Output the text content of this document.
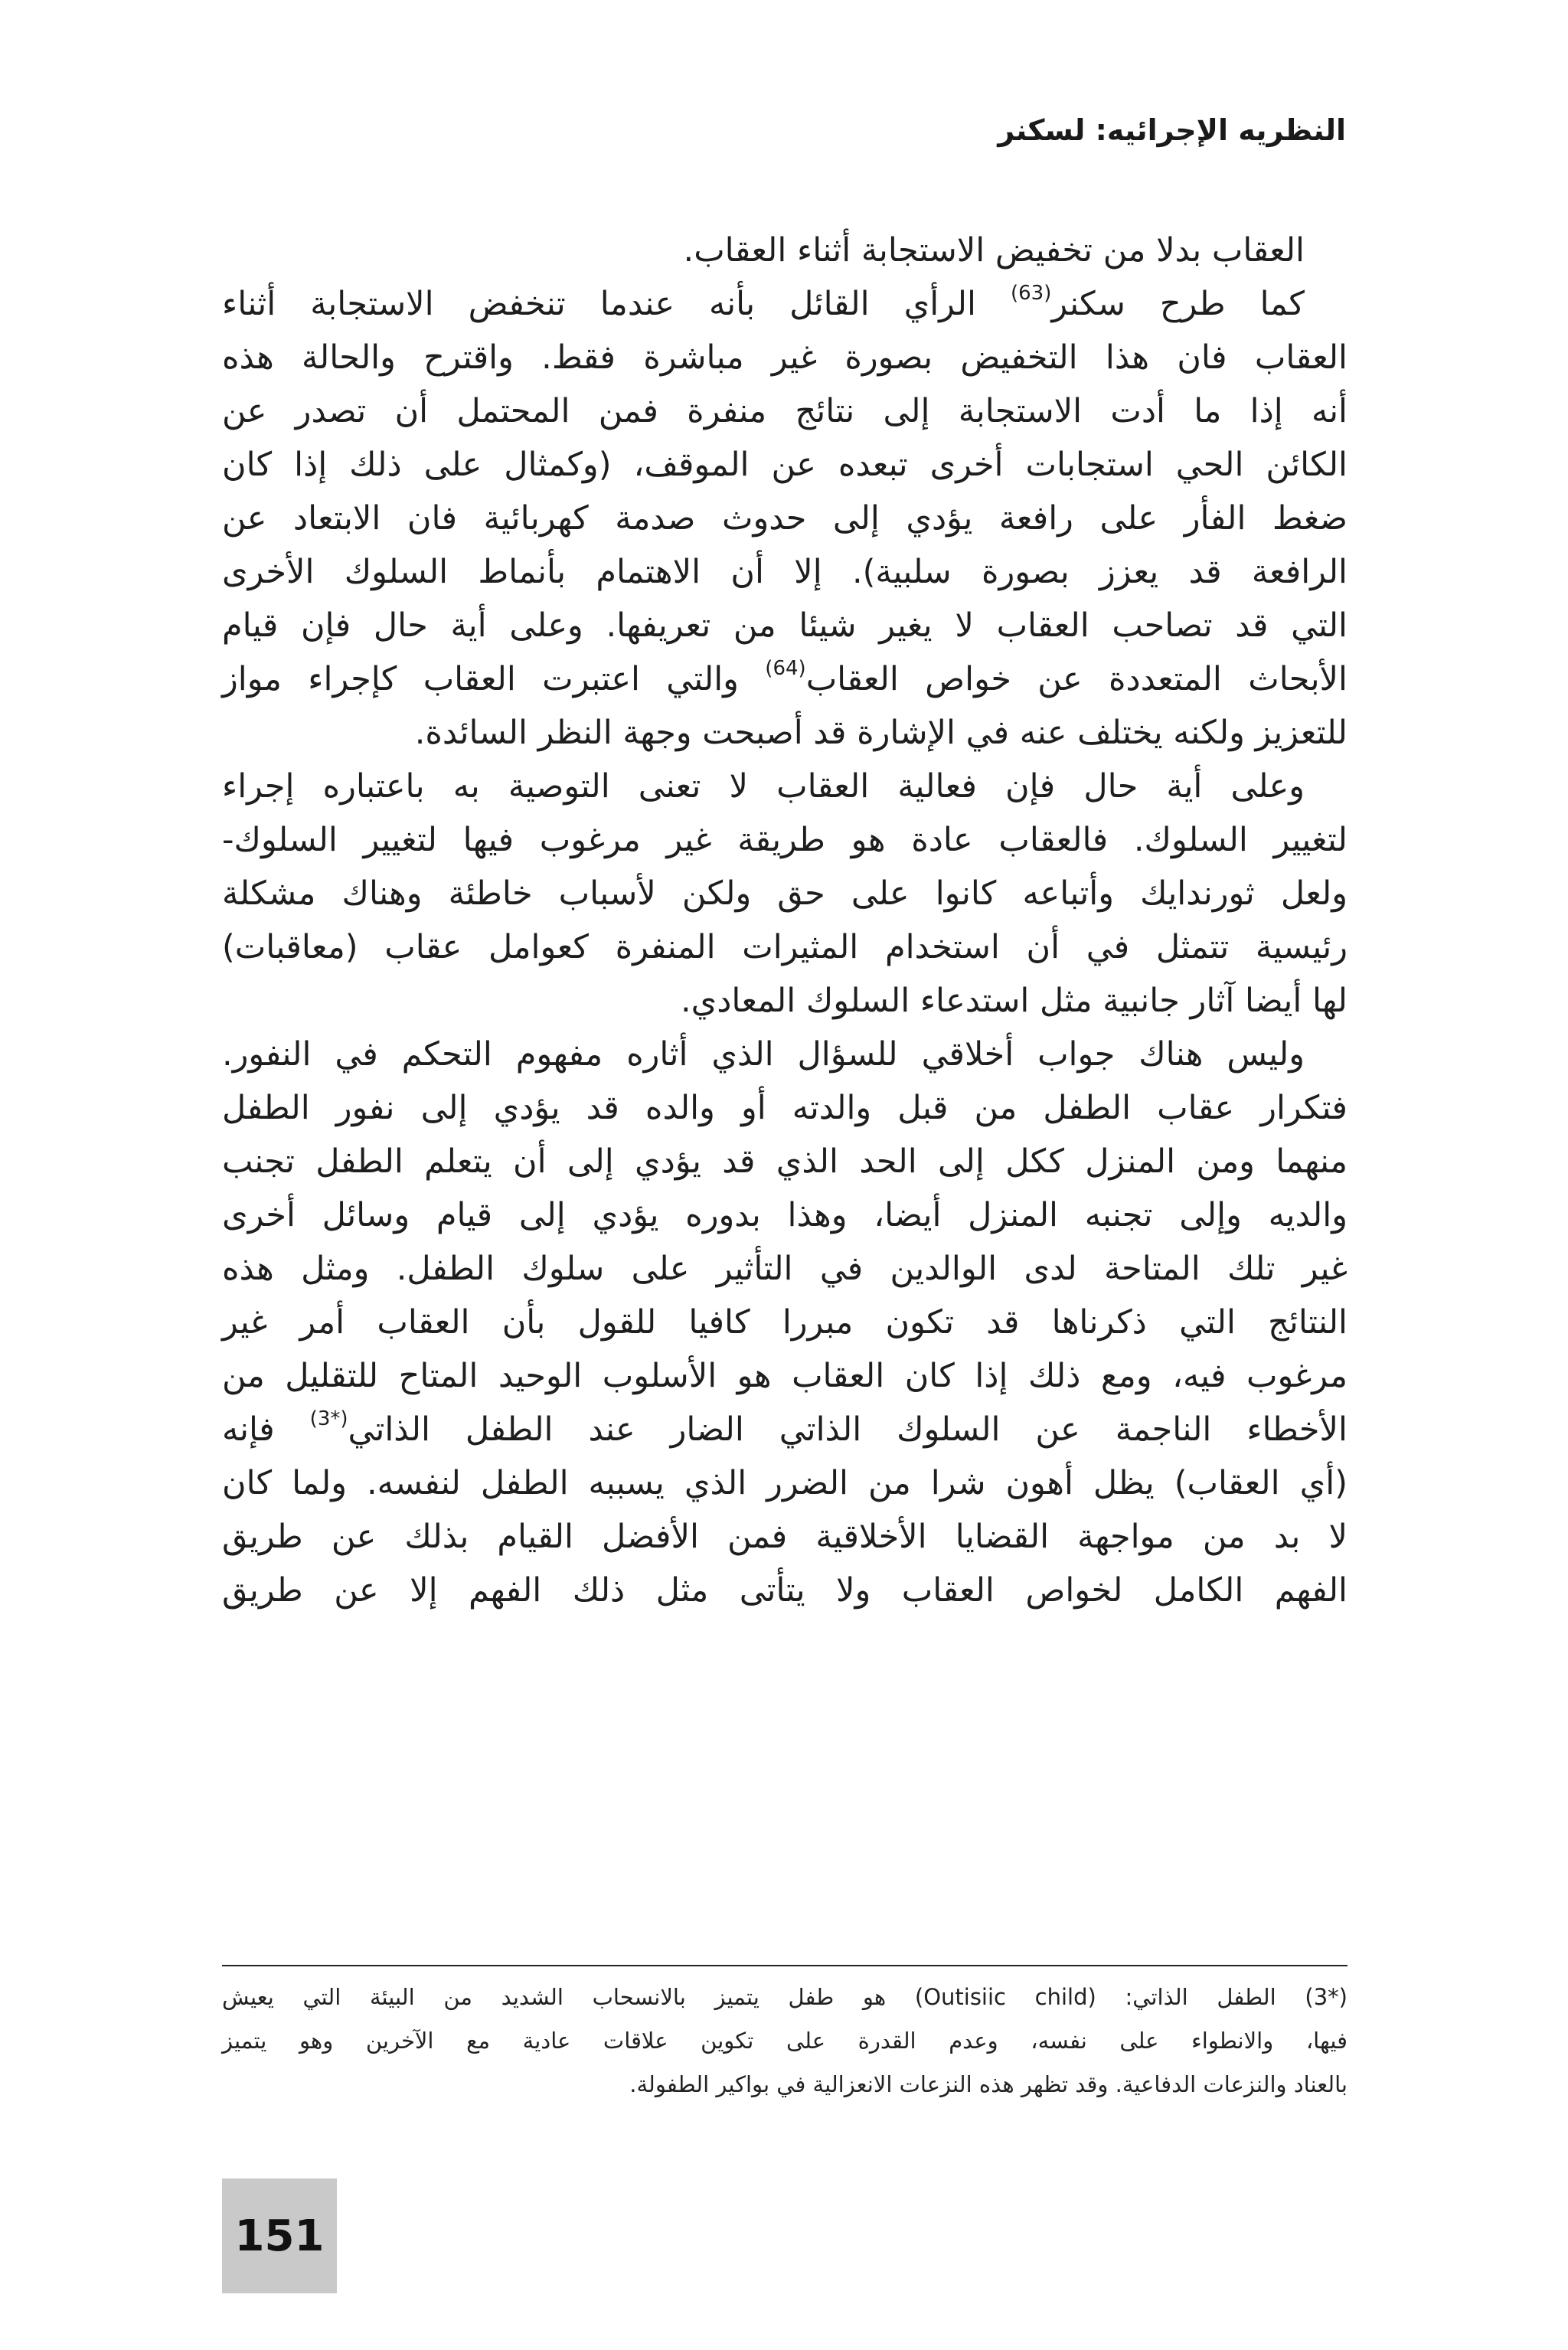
النظريه الإجرائيه: لسكنر
العقاب بدلا من تخفيض الاستجابة أثناء العقاب.
كما طرح سكنر$^{(63)}$ الرأي القائل بأنه عندما تنخفض الاستجابة أثناء
العقاب فان هذا التخفيض بصورة غير مباشرة فقط. واقترح والحالة هذه
أنه إذا ما أدت الاستجابة إلى نتائج منفرة فمن المحتمل أن تصدر عن
الكائن الحي استجابات أخرى تبعده عن الموقف، (وكمثال على ذلك إذا كان
ضغط الفأر على رافعة يؤدي إلى حدوث صدمة كهربائية فان الابتعاد عن
الرافعة قد يعزز بصورة سلبية). إلا أن الاهتمام بأنماط السلوك الأخرى
التي قد تصاحب العقاب لا يغير شيئا من تعريفها. وعلى أية حال فإن قيام
الأبحاث المتعددة عن خواص العقاب$^{(64)}$ والتي اعتبرت العقاب كإجراء مواز
للتعزيز ولكنه يختلف عنه في الإشارة قد أصبحت وجهة النظر السائدة.
وعلى أية حال فإن فعالية العقاب لا تعنى التوصية به باعتباره إجراء
لتغيير السلوك. فالعقاب عادة هو طريقة غير مرغوب فيها لتغيير السلوك-
ولعل ثورندايك وأتباعه كانوا على حق ولكن لأسباب خاطئة وهناك مشكلة
رئيسية تتمثل في أن استخدام المثيرات المنفرة كعوامل عقاب (معاقبات)
لها أيضا آثار جانبية مثل استدعاء السلوك المعادي.
وليس هناك جواب أخلاقي للسؤال الذي أثاره مفهوم التحكم في النفور.
فتكرار عقاب الطفل من قبل والدته أو والده قد يؤدي إلى نفور الطفل
منهما ومن المنزل ككل إلى الحد الذي قد يؤدي إلى أن يتعلم الطفل تجنب
والديه وإلى تجنبه المنزل أيضا، وهذا بدوره يؤدي إلى قيام وسائل أخرى
غير تلك المتاحة لدى الوالدين في التأثير على سلوك الطفل. ومثل هذه
النتائج التي ذكرناها قد تكون مبررا كافيا للقول بأن العقاب أمر غير
مرغوب فيه، ومع ذلك إذا كان العقاب هو الأسلوب الوحيد المتاح للتقليل من
الأخطاء الناجمة عن السلوك الذاتي الضار عند الطفل الذاتي$^{(*3)}$ فإنه
(أي العقاب) يظل أهون شرا من الضرر الذي يسببه الطفل لنفسه. ولما كان
لا بد من مواجهة القضايا الأخلاقية فمن الأفضل القيام بذلك عن طريق
الفهم الكامل لخواص العقاب ولا يتأتى مثل ذلك الفهم إلا عن طريق
(*3) الطفل الذاتي: (Outisiic child) هو طفل يتميز بالانسحاب الشديد من البيئة التي يعيش
فيها، والانطواء على نفسه، وعدم القدرة على تكوين علاقات عادية مع الآخرين وهو يتميز
بالعناد والنزعات الدفاعية. وقد تظهر هذه النزعات الانعزالية في بواكير الطفولة.
151
